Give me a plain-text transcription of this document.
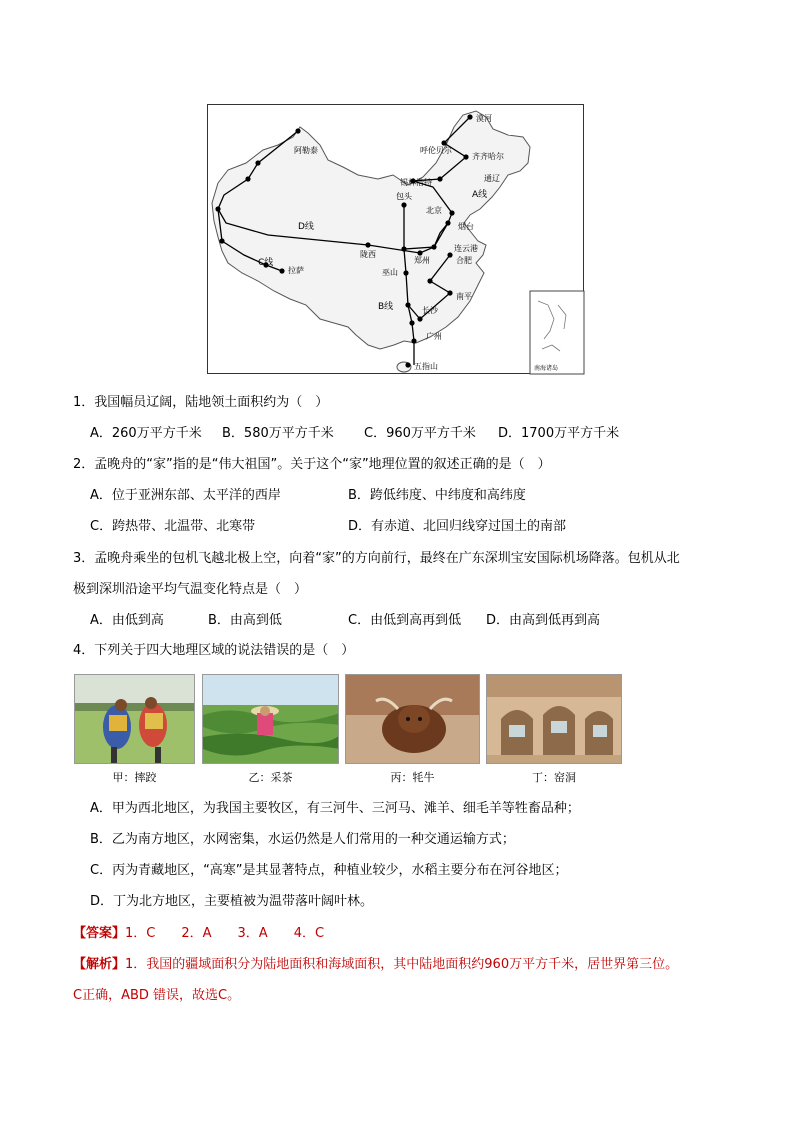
南海诸岛
漠河
呼伦贝尔
齐齐哈尔
锡林浩特	通辽
A线
北京
包头
烟台
连云港
D线
陇西
郑州	合肥
阿勒泰
C线
拉萨	巫山
B线	长沙
南平
广州
五指山
1．我国幅员辽阔，陆地领土面积约为（　）
A．260万平方千米 B．580万平方千米 C．960万平方千米 D．1700万平方千米
2．孟晚舟的“家”指的是“伟大祖国”。关于这个“家”地理位置的叙述正确的是（　）
A．位于亚洲东部、太平洋的西岸	B．跨低纬度、中纬度和高纬度
C．跨热带、北温带、北寒带	D．有赤道、北回归线穿过国土的南部
3．孟晚舟乘坐的包机飞越北极上空，向着“家”的方向前行，最终在广东深圳宝安国际机场降落。包机从北
极到深圳沿途平均气温变化特点是（　）
A．由低到高	B．由高到低	C．由低到高再到低 D．由高到低再到高
4．下列关于四大地理区域的说法错误的是（　）
甲：摔跤	乙：采茶	丙：牦牛	丁：窑洞
A．甲为西北地区，为我国主要牧区，有三河牛、三河马、滩羊、细毛羊等牲畜品种；
B．乙为南方地区，水网密集，水运仍然是人们常用的一种交通运输方式；
C．丙为青藏地区，“高寒”是其显著特点，种植业较少，水稻主要分布在河谷地区；
D．丁为北方地区，主要植被为温带落叶阔叶林。
【答案】1．C　　2．A　　3．A　　4．C
【解析】1．我国的疆域面积分为陆地面积和海域面积，其中陆地面积约960万平方千米，居世界第三位。
C正确，ABD 错误，故选C。
